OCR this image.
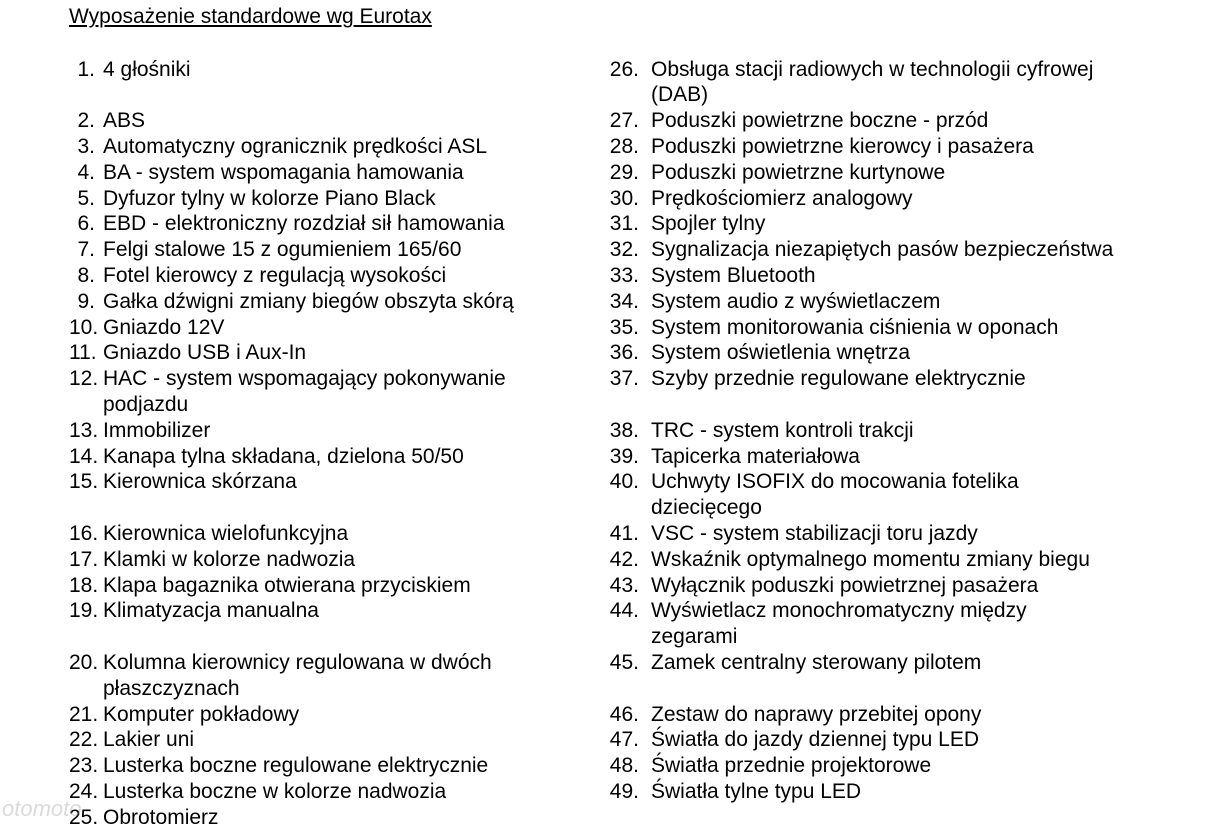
Wyposażenie standardowe wg Eurotax
1. 4 głośniki
2. ABS
3. Automatyczny ogranicznik prędkości ASL
4. BA - system wspomagania hamowania
5. Dyfuzor tylny w kolorze Piano Black
6. EBD - elektroniczny rozdział sił hamowania
7. Felgi stalowe 15 z ogumieniem 165/60
8. Fotel kierowcy z regulacją wysokości
9. Gałka dźwigni zmiany biegów obszyta skórą
10. Gniazdo 12V
11. Gniazdo USB i Aux-In
12. HAC - system wspomagający pokonywanie
podjazdu
13. Immobilizer
14. Kanapa tylna składana, dzielona 50/50
15. Kierownica skórzana
16. Kierownica wielofunkcyjna
17. Klamki w kolorze nadwozia
18. Klapa bagaznika otwierana przyciskiem
19. Klimatyzacja manualna
20. Kolumna kierownicy regulowana w dwóch
płaszczyznach
21. Komputer pokładowy
22. Lakier uni
23. Lusterka boczne regulowane elektrycznie
24. Lusterka boczne w kolorze nadwozia
25. Obrotomierz
26. Obsługa stacji radiowych w technologii cyfrowej
(DAB)
27. Poduszki powietrzne boczne - przód
28. Poduszki powietrzne kierowcy i pasażera
29. Poduszki powietrzne kurtynowe
30. Prędkościomierz analogowy
31. Spojler tylny
32. Sygnalizacja niezapiętych pasów bezpieczeństwa
33. System Bluetooth
34. System audio z wyświetlaczem
35. System monitorowania ciśnienia w oponach
36. System oświetlenia wnętrza
37. Szyby przednie regulowane elektrycznie
38. TRC - system kontroli trakcji
39. Tapicerka materiałowa
40. Uchwyty ISOFIX do mocowania fotelika
dziecięcego
41. VSC - system stabilizacji toru jazdy
42. Wskaźnik optymalnego momentu zmiany biegu
43. Wyłącznik poduszki powietrznej pasażera
44. Wyświetlacz monochromatyczny między
zegarami
45. Zamek centralny sterowany pilotem
46. Zestaw do naprawy przebitej opony
47. Światła do jazdy dziennej typu LED
48. Światła przednie projektorowe
49. Światła tylne typu LED
otomoto
